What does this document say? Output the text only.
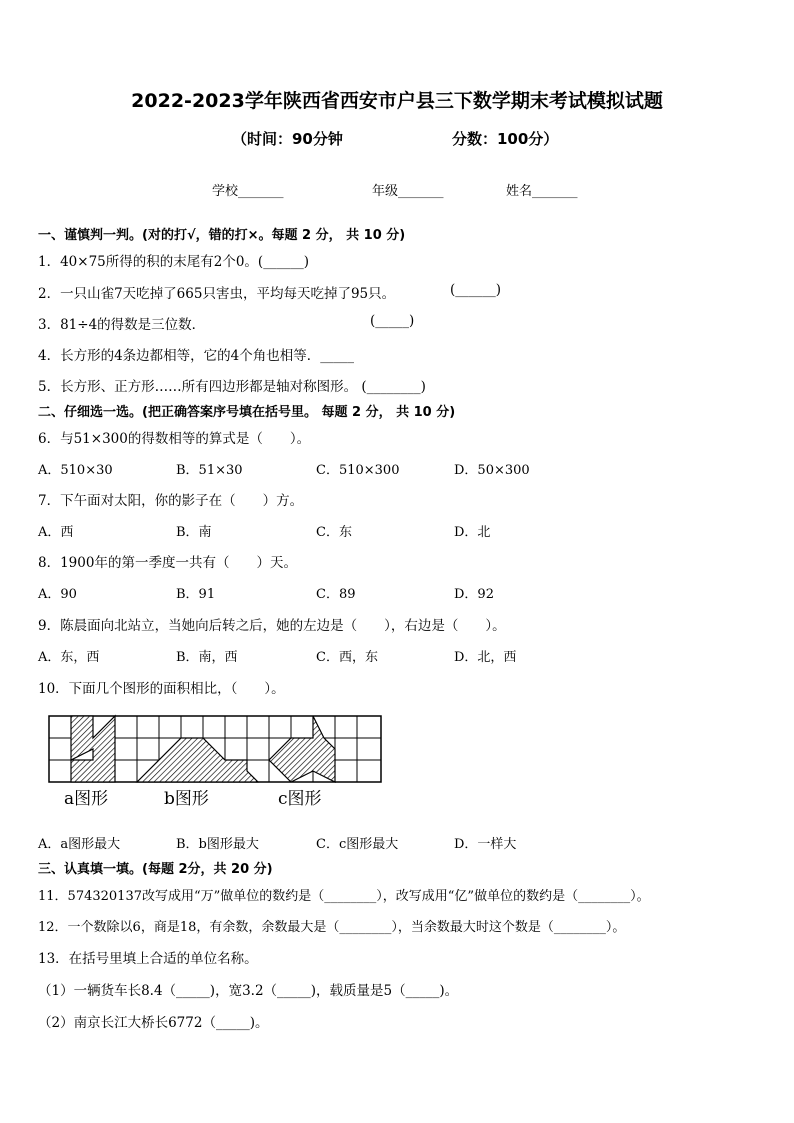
2022-2023学年陕西省西安市户县三下数学期末考试模拟试题
（时间：90分钟	分数：100分）
学校_______	年级_______	姓名_______
一、谨慎判一判。(对的打√，错的打×。每题 2 分， 共 10 分)
1．40×75所得的积的末尾有2个0。(______)
2．一只山雀7天吃掉了665只害虫，平均每天吃掉了95只。	(______)
3．81÷4的得数是三位数．	(_____)
4．长方形的4条边都相等，它的4个角也相等．_____
5．长方形、正方形……所有四边形都是轴对称图形。 (________)
二、仔细选一选。(把正确答案序号填在括号里。 每题 2 分， 共 10 分)
6．与51×300的得数相等的算式是（　　）。
A．510×30	B．51×30	C．510×300	D．50×300
7．下午面对太阳，你的影子在（　　）方。
A．西	B．南	C．东	D．北
8．1900年的第一季度一共有（　　）天。
A．90	B．91	C．89	D．92
9．陈晨面向北站立，当她向后转之后，她的左边是（　　），右边是（　　）。
A．东，西	B．南，西	C．西，东	D．北，西
10．下面几个图形的面积相比，（　　）。
a图形	b图形	c图形
A．a图形最大	B．b图形最大	C．c图形最大	D．一样大
三、认真填一填。(每题 2分，共 20 分)
11．574320137改写成用“万”做单位的数约是（________），改写成用“亿”做单位的数约是（________）。
12．一个数除以6，商是18，有余数，余数最大是（________），当余数最大时这个数是（________）。
13．在括号里填上合适的单位名称。
（1）一辆货车长8.4（_____)，宽3.2（_____)，载质量是5（_____)。
（2）南京长江大桥长6772（_____)。
